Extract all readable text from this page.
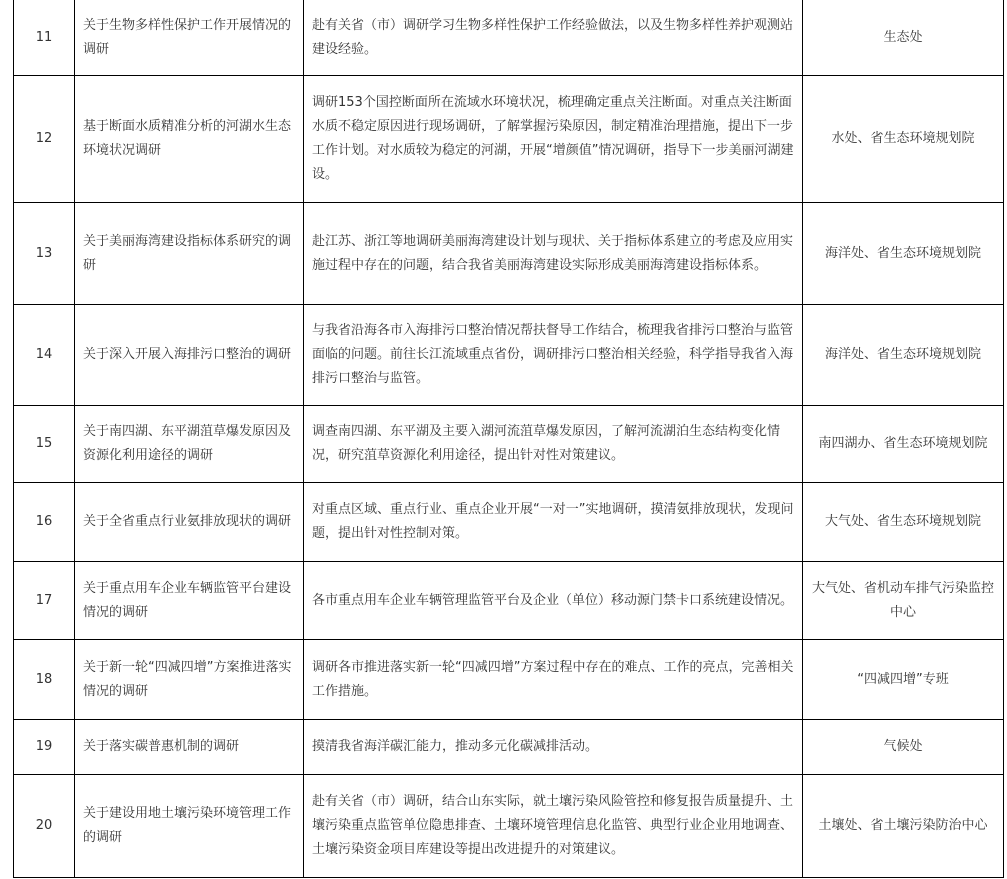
11	关于生物多样性保护工作开展情况的调研	赴有关省（市）调研学习生物多样性保护工作经验做法，以及生物多样性养护观测站建设经验。	生态处
12	基于断面水质精准分析的河湖水生态环境状况调研	调研153个国控断面所在流域水环境状况，梳理确定重点关注断面。对重点关注断面水质不稳定原因进行现场调研，了解掌握污染原因，制定精准治理措施，提出下一步工作计划。对水质较为稳定的河湖，开展“增颜值”情况调研，指导下一步美丽河湖建设。	水处、省生态环境规划院
13	关于美丽海湾建设指标体系研究的调研	赴江苏、浙江等地调研美丽海湾建设计划与现状、关于指标体系建立的考虑及应用实施过程中存在的问题，结合我省美丽海湾建设实际形成美丽海湾建设指标体系。	海洋处、省生态环境规划院
14	关于深入开展入海排污口整治的调研	与我省沿海各市入海排污口整治情况帮扶督导工作结合，梳理我省排污口整治与监管面临的问题。前往长江流域重点省份，调研排污口整治相关经验，科学指导我省入海排污口整治与监管。	海洋处、省生态环境规划院
15	关于南四湖、东平湖菹草爆发原因及资源化利用途径的调研	调查南四湖、东平湖及主要入湖河流菹草爆发原因，了解河流湖泊生态结构变化情况，研究菹草资源化利用途径，提出针对性对策建议。	南四湖办、省生态环境规划院
16	关于全省重点行业氨排放现状的调研	对重点区域、重点行业、重点企业开展“一对一”实地调研，摸清氨排放现状，发现问题，提出针对性控制对策。	大气处、省生态环境规划院
17	关于重点用车企业车辆监管平台建设情况的调研	各市重点用车企业车辆管理监管平台及企业（单位）移动源门禁卡口系统建设情况。	大气处、省机动车排气污染监控中心
18	关于新一轮“四减四增”方案推进落实情况的调研	调研各市推进落实新一轮“四减四增”方案过程中存在的难点、工作的亮点，完善相关工作措施。	“四减四增”专班
19	关于落实碳普惠机制的调研	摸清我省海洋碳汇能力，推动多元化碳减排活动。	气候处
20	关于建设用地土壤污染环境管理工作的调研	赴有关省（市）调研，结合山东实际，就土壤污染风险管控和修复报告质量提升、土壤污染重点监管单位隐患排查、土壤环境管理信息化监管、典型行业企业用地调查、土壤污染资金项目库建设等提出改进提升的对策建议。	土壤处、省土壤污染防治中心
